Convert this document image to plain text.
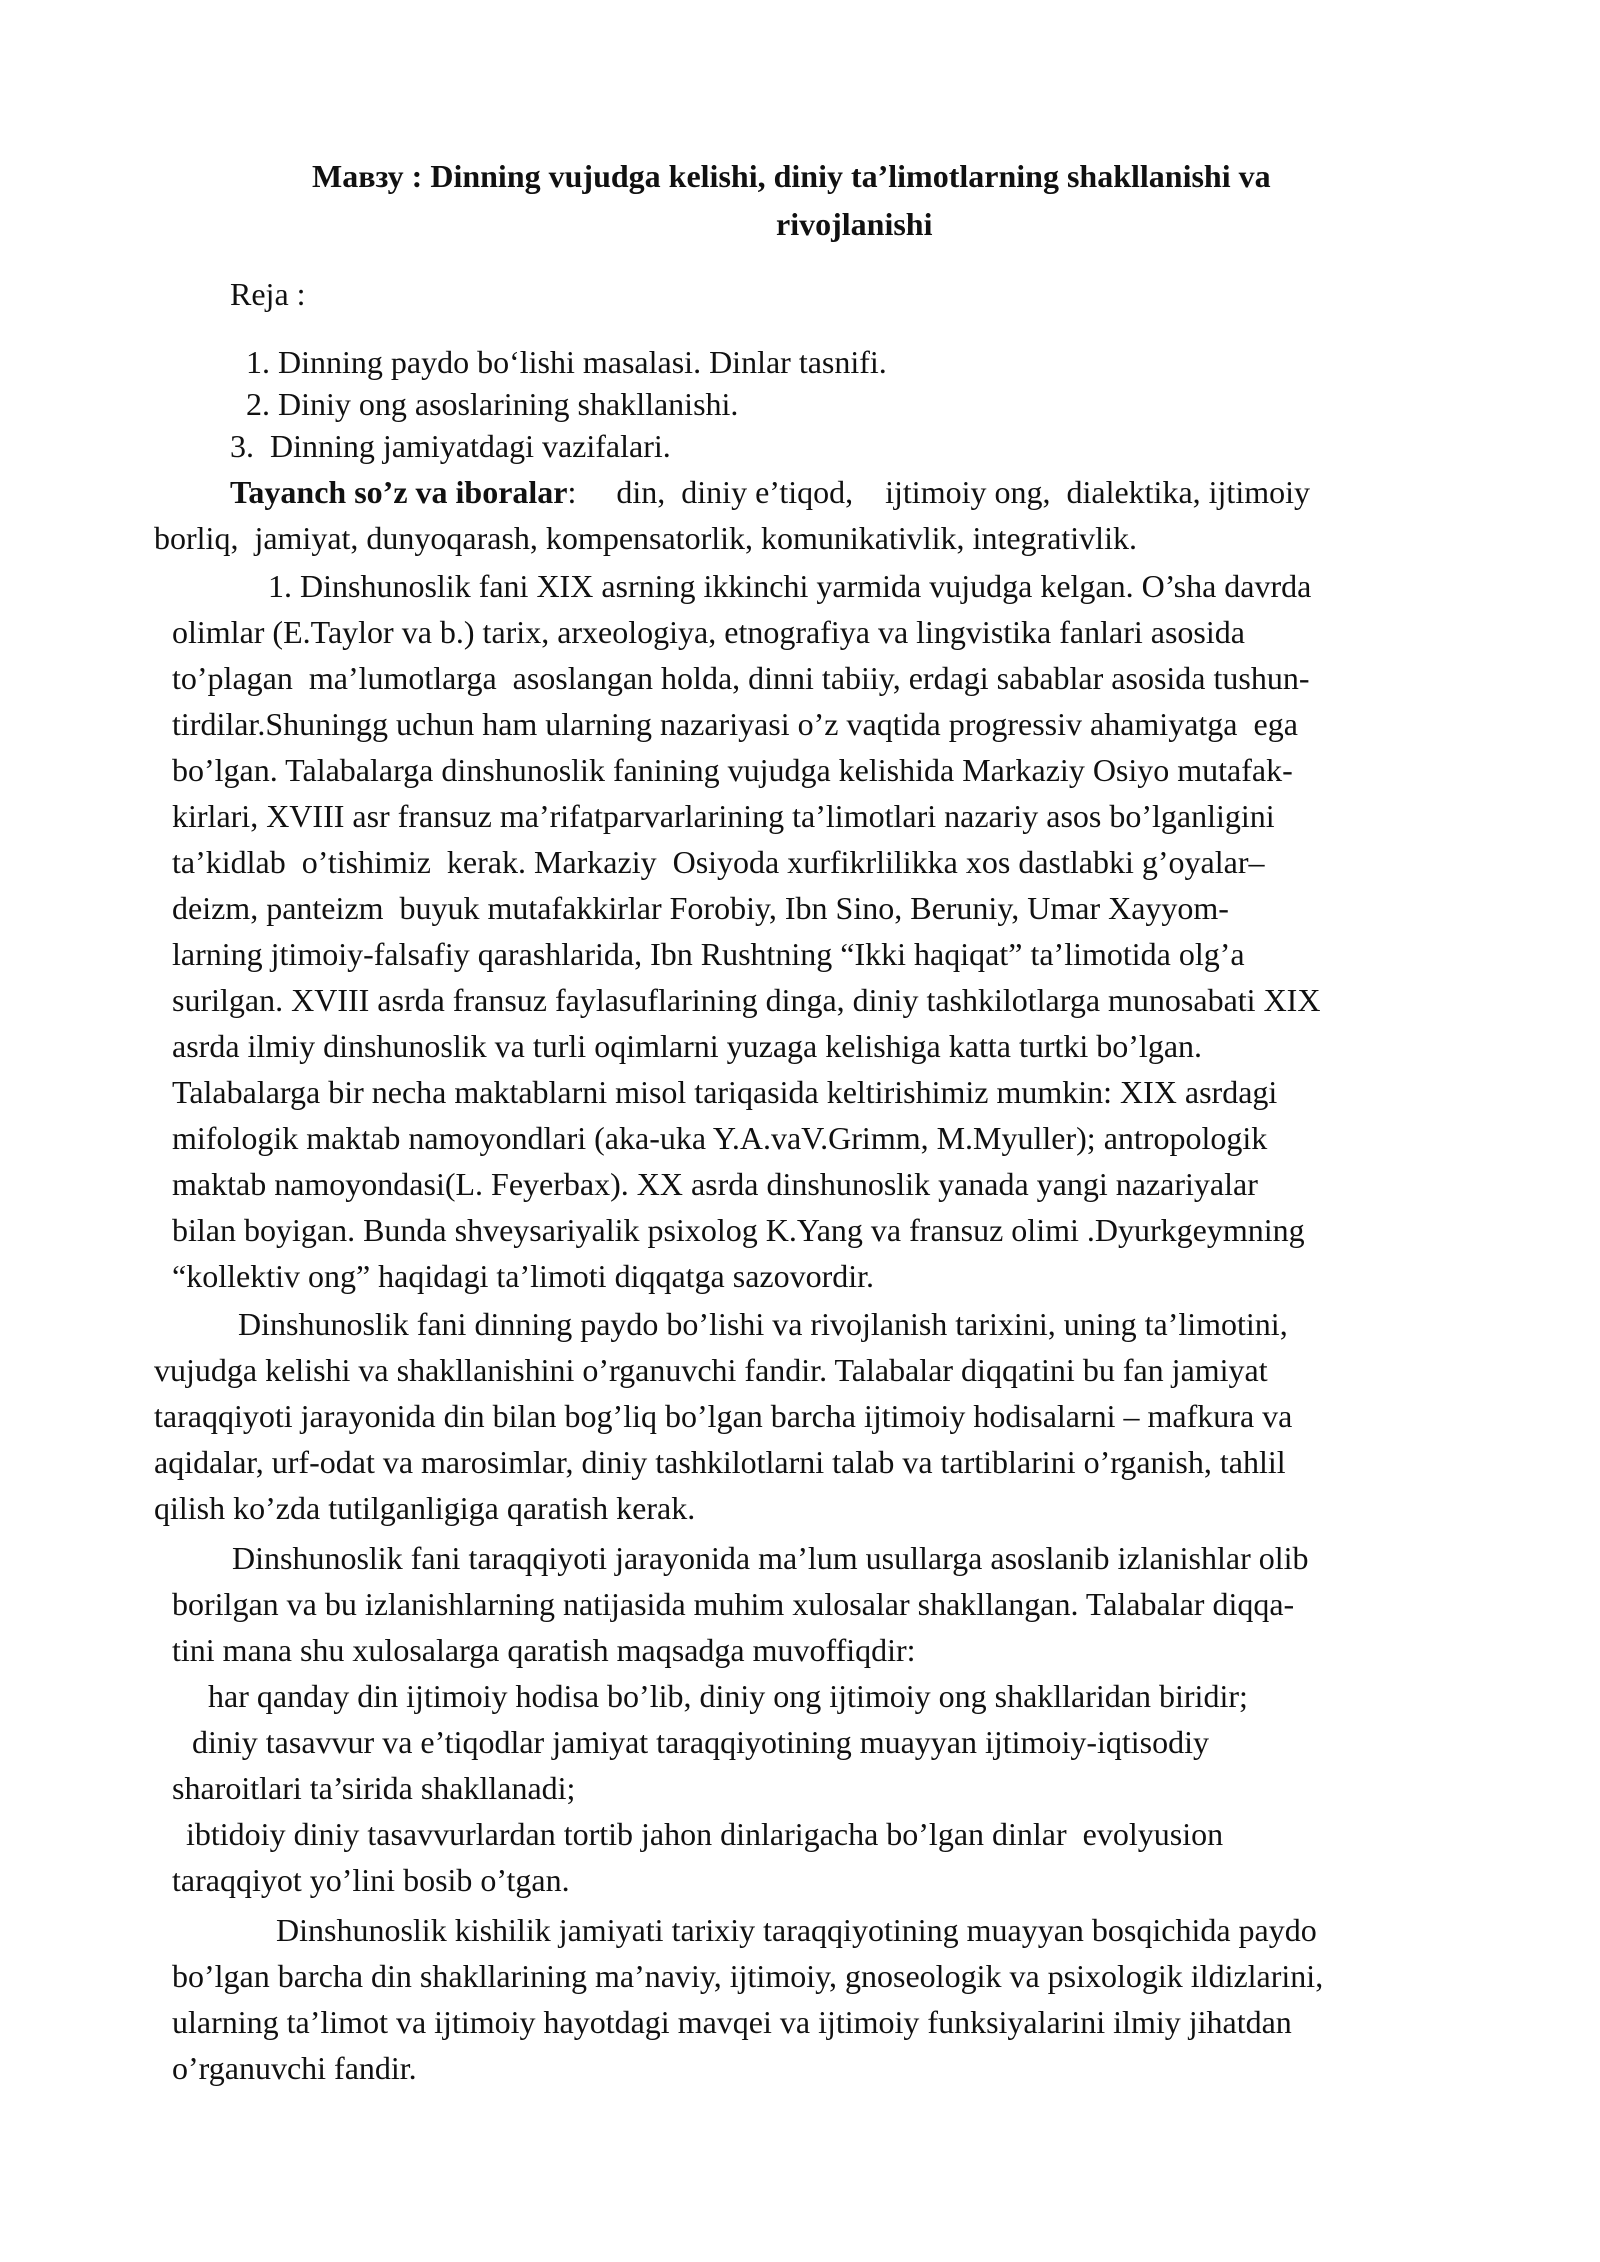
Мавзу : Dinning vujudga kelishi, diniy ta’limotlarning shakllanishi va
rivojlanishi
Reja :
1. Dinning paydo bo‘lishi masalasi. Dinlar tasnifi.
2. Diniy ong asoslarining shakllanishi.
3.  Dinning jamiyatdagi vazifalari.
Tayanch so’z va iboralar:     din,  diniy e’tiqod,    ijtimoiy ong,  dialektika, ijtimoiy
borliq,  jamiyat, dunyoqarash, kompensatorlik, komunikativlik, integrativlik.
1. Dinshunoslik fani XIX asrning ikkinchi yarmida vujudga kelgan. O’sha davrda
olimlar (E.Taylor va b.) tarix, arxeologiya, etnografiya va lingvistika fanlari asosida
to’plagan  ma’lumotlarga  asoslangan holda, dinni tabiiy, erdagi sabablar asosida tushun-
tirdilar.Shuningg uchun ham ularning nazariyasi o’z vaqtida progressiv ahamiyatga  ega
bo’lgan. Talabalarga dinshunoslik fanining vujudga kelishida Markaziy Osiyo mutafak-
kirlari, XVIII asr fransuz ma’rifatparvarlarining ta’limotlari nazariy asos bo’lganligini
ta’kidlab  o’tishimiz  kerak. Markaziy  Osiyoda xurfikrlilikka xos dastlabki g’oyalar–
deizm, panteizm  buyuk mutafakkirlar Forobiy, Ibn Sino, Beruniy, Umar Xayyom-
larning jtimoiy-falsafiy qarashlarida, Ibn Rushtning “Ikki haqiqat” ta’limotida olg’a
surilgan. XVIII asrda fransuz faylasuflarining dinga, diniy tashkilotlarga munosabati XIX
asrda ilmiy dinshunoslik va turli oqimlarni yuzaga kelishiga katta turtki bo’lgan.
Talabalarga bir necha maktablarni misol tariqasida keltirishimiz mumkin: XIX asrdagi
mifologik maktab namoyondlari (aka-uka Y.A.vaV.Grimm, M.Myuller); antropologik
maktab namoyondasi(L. Feyerbax). XX asrda dinshunoslik yanada yangi nazariyalar
bilan boyigan. Bunda shveysariyalik psixolog K.Yang va fransuz olimi .Dyurkgeymning
“kollektiv ong” haqidagi ta’limoti diqqatga sazovordir.
Dinshunoslik fani dinning paydo bo’lishi va rivojlanish tarixini, uning ta’limotini,
vujudga kelishi va shakllanishini o’rganuvchi fandir. Talabalar diqqatini bu fan jamiyat
taraqqiyoti jarayonida din bilan bog’liq bo’lgan barcha ijtimoiy hodisalarni – mafkura va
aqidalar, urf-odat va marosimlar, diniy tashkilotlarni talab va tartiblarini o’rganish, tahlil
qilish ko’zda tutilganligiga qaratish kerak.
Dinshunoslik fani taraqqiyoti jarayonida ma’lum usullarga asoslanib izlanishlar olib
borilgan va bu izlanishlarning natijasida muhim xulosalar shakllangan. Talabalar diqqa-
tini mana shu xulosalarga qaratish maqsadga muvoffiqdir:
har qanday din ijtimoiy hodisa bo’lib, diniy ong ijtimoiy ong shakllaridan biridir;
diniy tasavvur va e’tiqodlar jamiyat taraqqiyotining muayyan ijtimoiy-iqtisodiy
sharoitlari ta’sirida shakllanadi;
ibtidoiy diniy tasavvurlardan tortib jahon dinlarigacha bo’lgan dinlar  evolyusion
taraqqiyot yo’lini bosib o’tgan.
Dinshunoslik kishilik jamiyati tarixiy taraqqiyotining muayyan bosqichida paydo
bo’lgan barcha din shakllarining ma’naviy, ijtimoiy, gnoseologik va psixologik ildizlarini,
ularning ta’limot va ijtimoiy hayotdagi mavqei va ijtimoiy funksiyalarini ilmiy jihatdan
o’rganuvchi fandir.
